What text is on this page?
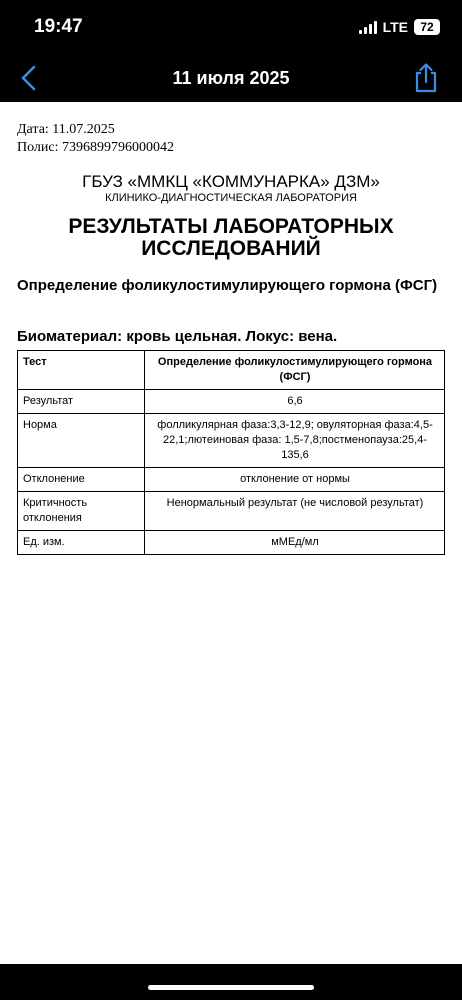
19:47	LTE	72
11 июля 2025
Дата: 11.07.2025
Полис: 7396899796000042
ГБУЗ «ММКЦ «КОММУНАРКА» ДЗМ»
КЛИНИКО-ДИАГНОСТИЧЕСКАЯ ЛАБОРАТОРИЯ
РЕЗУЛЬТАТЫ ЛАБОРАТОРНЫХ ИССЛЕДОВАНИЙ
Определение фоликулостимулирующего гормона (ФСГ)
Биоматериал: кровь цельная. Локус: вена.
Тест	Определение фоликулостимулирующего гормона (ФСГ)
Результат	6,6
Норма	фолликулярная фаза:3,3-12,9; овуляторная фаза:4,5-22,1;лютеиновая фаза: 1,5-7,8;постменопауза:25,4-135,6
Отклонение	отклонение от нормы
Критичность отклонения	Ненормальный результат (не числовой результат)
Ед. изм.	мМЕд/мл
